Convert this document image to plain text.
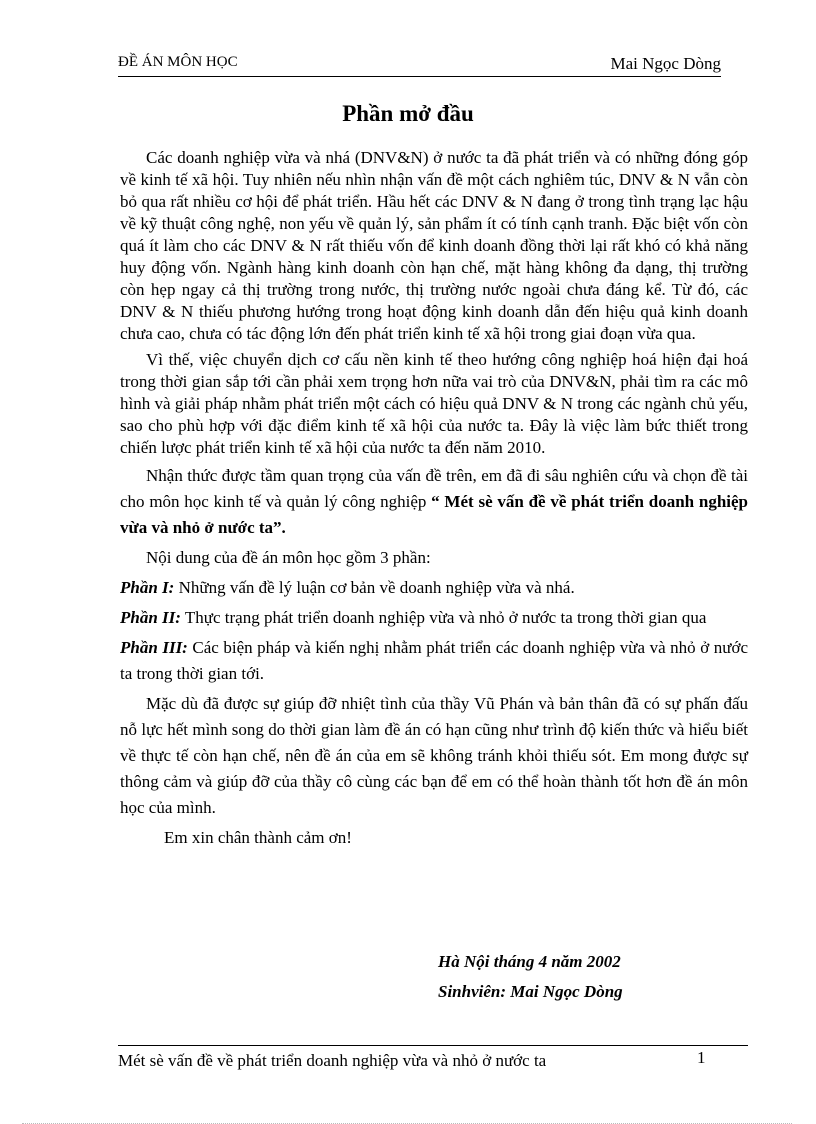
ĐỀ ÁN MÔN HỌC	Mai Ngọc Dòng
Phần mở đầu

Các doanh nghiệp vừa và nhá (DNV&N) ở nước ta đã phát triển và có những đóng góp về kinh tế xã hội. Tuy nhiên nếu nhìn nhận vấn đề một cách nghiêm túc, DNV & N vẫn còn bỏ qua rất nhiều cơ hội để phát triển. Hầu hết các DNV & N đang ở trong tình trạng lạc hậu về kỹ thuật công nghệ, non yếu về quản lý, sản phẩm ít có tính cạnh tranh. Đặc biệt vốn còn quá ít làm cho các DNV & N rất thiếu vốn để kinh doanh đồng thời lại rất khó có khả năng huy động vốn. Ngành hàng kinh doanh còn hạn chế, mặt hàng không đa dạng, thị trường còn hẹp ngay cả thị trường trong nước, thị trường nước ngoài chưa đáng kể. Từ đó, các DNV & N thiếu phương hướng trong hoạt động kinh doanh dẫn đến hiệu quả kinh doanh chưa cao, chưa có tác động lớn đến phát triển kinh tế xã hội trong giai đoạn vừa qua.

Vì thế, việc chuyển dịch cơ cấu nền kinh tế theo hướng công nghiệp hoá hiện đại hoá trong thời gian sắp tới cần phải xem trọng hơn nữa vai trò của DNV&N, phải tìm ra các mô hình và giải pháp nhằm phát triển một cách có hiệu quả DNV & N trong các ngành chủ yếu, sao cho phù hợp với đặc điểm kinh tế xã hội của nước ta. Đây là việc làm bức thiết trong chiến lược phát triển kinh tế xã hội của nước ta đến năm 2010.

Nhận thức được tầm quan trọng của vấn đề trên, em đã đi sâu nghiên cứu và chọn đề tài cho môn học kinh tế và quản lý công nghiệp “ Mét sè vấn đề về phát triển doanh nghiệp vừa và nhỏ ở nước ta”.

Nội dung của đề án môn học gồm 3 phần:

Phần I: Những vấn đề lý luận cơ bản về doanh nghiệp vừa và nhá.

Phần II: Thực trạng phát triển doanh nghiệp vừa và nhỏ ở nước ta trong thời gian qua

Phần III: Các biện pháp và kiến nghị nhằm phát triển các doanh nghiệp vừa và nhỏ ở nước ta trong thời gian tới.

Mặc dù đã được sự giúp đỡ nhiệt tình của thầy Vũ Phán và bản thân đã có sự phấn đấu nỗ lực hết mình song do thời gian làm đề án có hạn cũng như trình độ kiến thức và hiểu biết về thực tế còn hạn chế, nên đề án của em sẽ không tránh khỏi thiếu sót. Em mong được sự thông cảm và giúp đỡ của thầy cô cùng các bạn để em có thể hoàn thành tốt hơn đề án môn học của mình.

Em xin chân thành cảm ơn!

Hà Nội tháng 4 năm 2002
Sinhviên: Mai Ngọc Dòng
Mét sè vấn đề về phát triển doanh nghiệp vừa và nhỏ ở nước ta	1
